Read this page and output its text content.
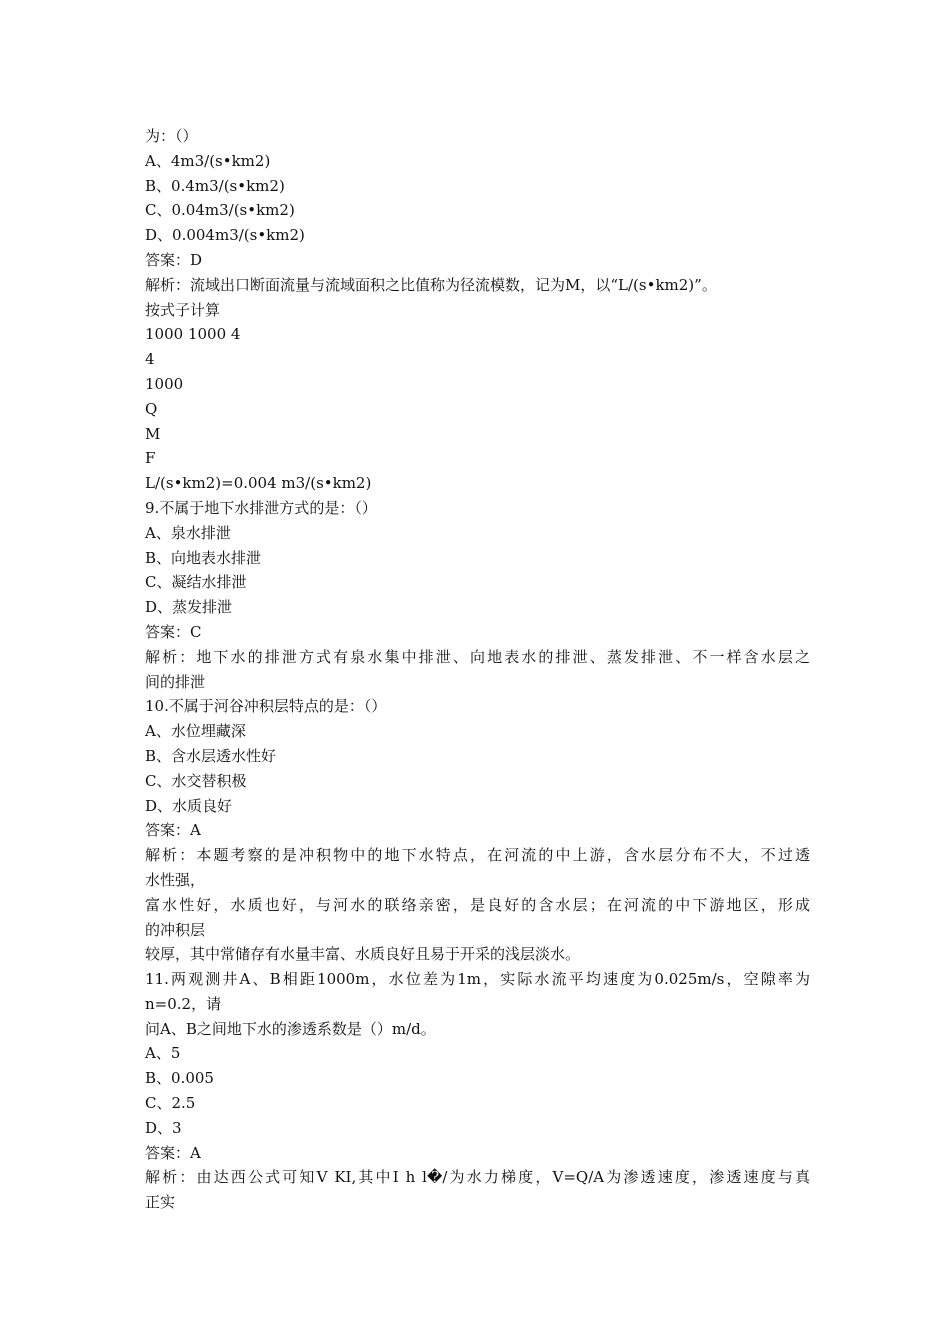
为：（）
A、4m3/(s•km2)
B、0.4m3/(s•km2)
C、0.04m3/(s•km2)
D、0.004m3/(s•km2)
答案：D
解析：流域出口断面流量与流域面积之比值称为径流模数，记为M，以“L/(s•km2)”。
按式子计算
1000 1000 4
4
1000
Q
M
F
L/(s•km2)=0.004 m3/(s•km2)
9.不属于地下水排泄方式的是：（）
A、泉水排泄
B、向地表水排泄
C、凝结水排泄
D、蒸发排泄
答案：C
解析：地下水的排泄方式有泉水集中排泄、向地表水的排泄、蒸发排泄、不一样含水层之
间的排泄
10.不属于河谷冲积层特点的是：（）
A、水位埋藏深
B、含水层透水性好
C、水交替积极
D、水质良好
答案：A
解析：本题考察的是冲积物中的地下水特点，在河流的中上游，含水层分布不大，不过透
水性强，
富水性好，水质也好，与河水的联络亲密，是良好的含水层；在河流的中下游地区，形成
的冲积层
较厚，其中常储存有水量丰富、水质良好且易于开采的浅层淡水。
11.两观测井A、B相距1000m，水位差为1m，实际水流平均速度为0.025m/s，空隙率为
n=0.2，请
问A、B之间地下水的渗透系数是（）m/d。
A、5
B、0.005
C、2.5
D、3
答案：A
解析：由达西公式可知V KI,其中I h l�/为水力梯度，V=Q/A为渗透速度，渗透速度与真
正实
